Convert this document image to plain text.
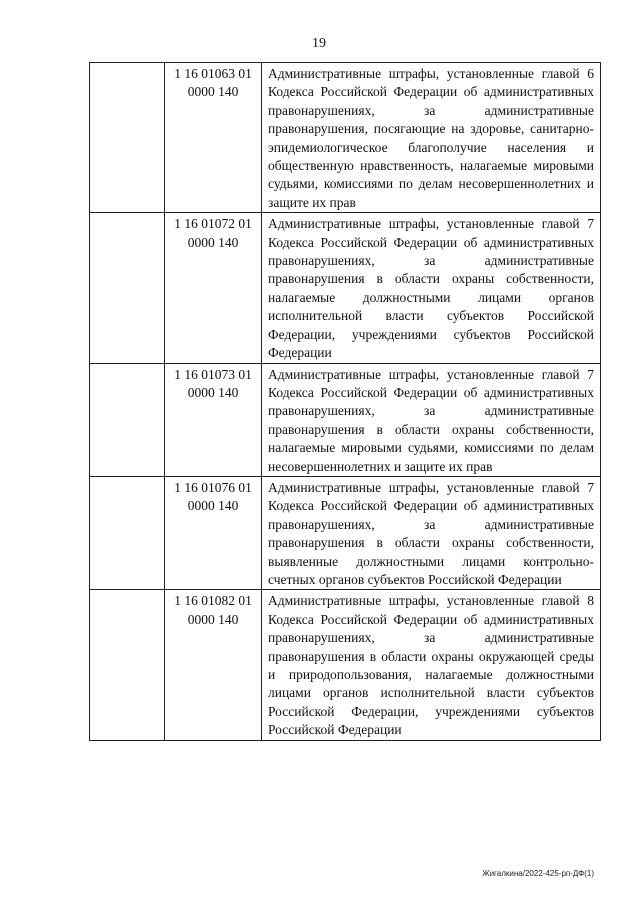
19

	1 16 01063 01
0000 140	Административные штрафы, установленные главой 6 Кодекса Российской Федерации об административных правонарушениях, за административные правонарушения, посягающие на здоровье, санитарно-эпидемиологическое благополучие населения и общественную нравственность, налагаемые мировыми судьями, комиссиями по делам несовершеннолетних и защите их прав

	1 16 01072 01
0000 140	Административные штрафы, установленные главой 7 Кодекса Российской Федерации об административных правонарушениях, за административные правонарушения в области охраны собственности, налагаемые должностными лицами органов исполнительной власти субъектов Российской Федерации, учреждениями субъектов Российской Федерации

	1 16 01073 01
0000 140	Административные штрафы, установленные главой 7 Кодекса Российской Федерации об административных правонарушениях, за административные правонарушения в области охраны собственности, налагаемые мировыми судьями, комиссиями по делам несовершеннолетних и защите их прав

	1 16 01076 01
0000 140	Административные штрафы, установленные главой 7 Кодекса Российской Федерации об административных правонарушениях, за административные правонарушения в области охраны собственности, выявленные должностными лицами контрольно-счетных органов субъектов Российской Федерации

	1 16 01082 01
0000 140	Административные штрафы, установленные главой 8 Кодекса Российской Федерации об административных правонарушениях, за административные правонарушения в области охраны окружающей среды и природопользования, налагаемые должностными лицами органов исполнительной власти субъектов Российской Федерации, учреждениями субъектов Российской Федерации
Жигалкина/2022-425-рп-ДФ(1)
